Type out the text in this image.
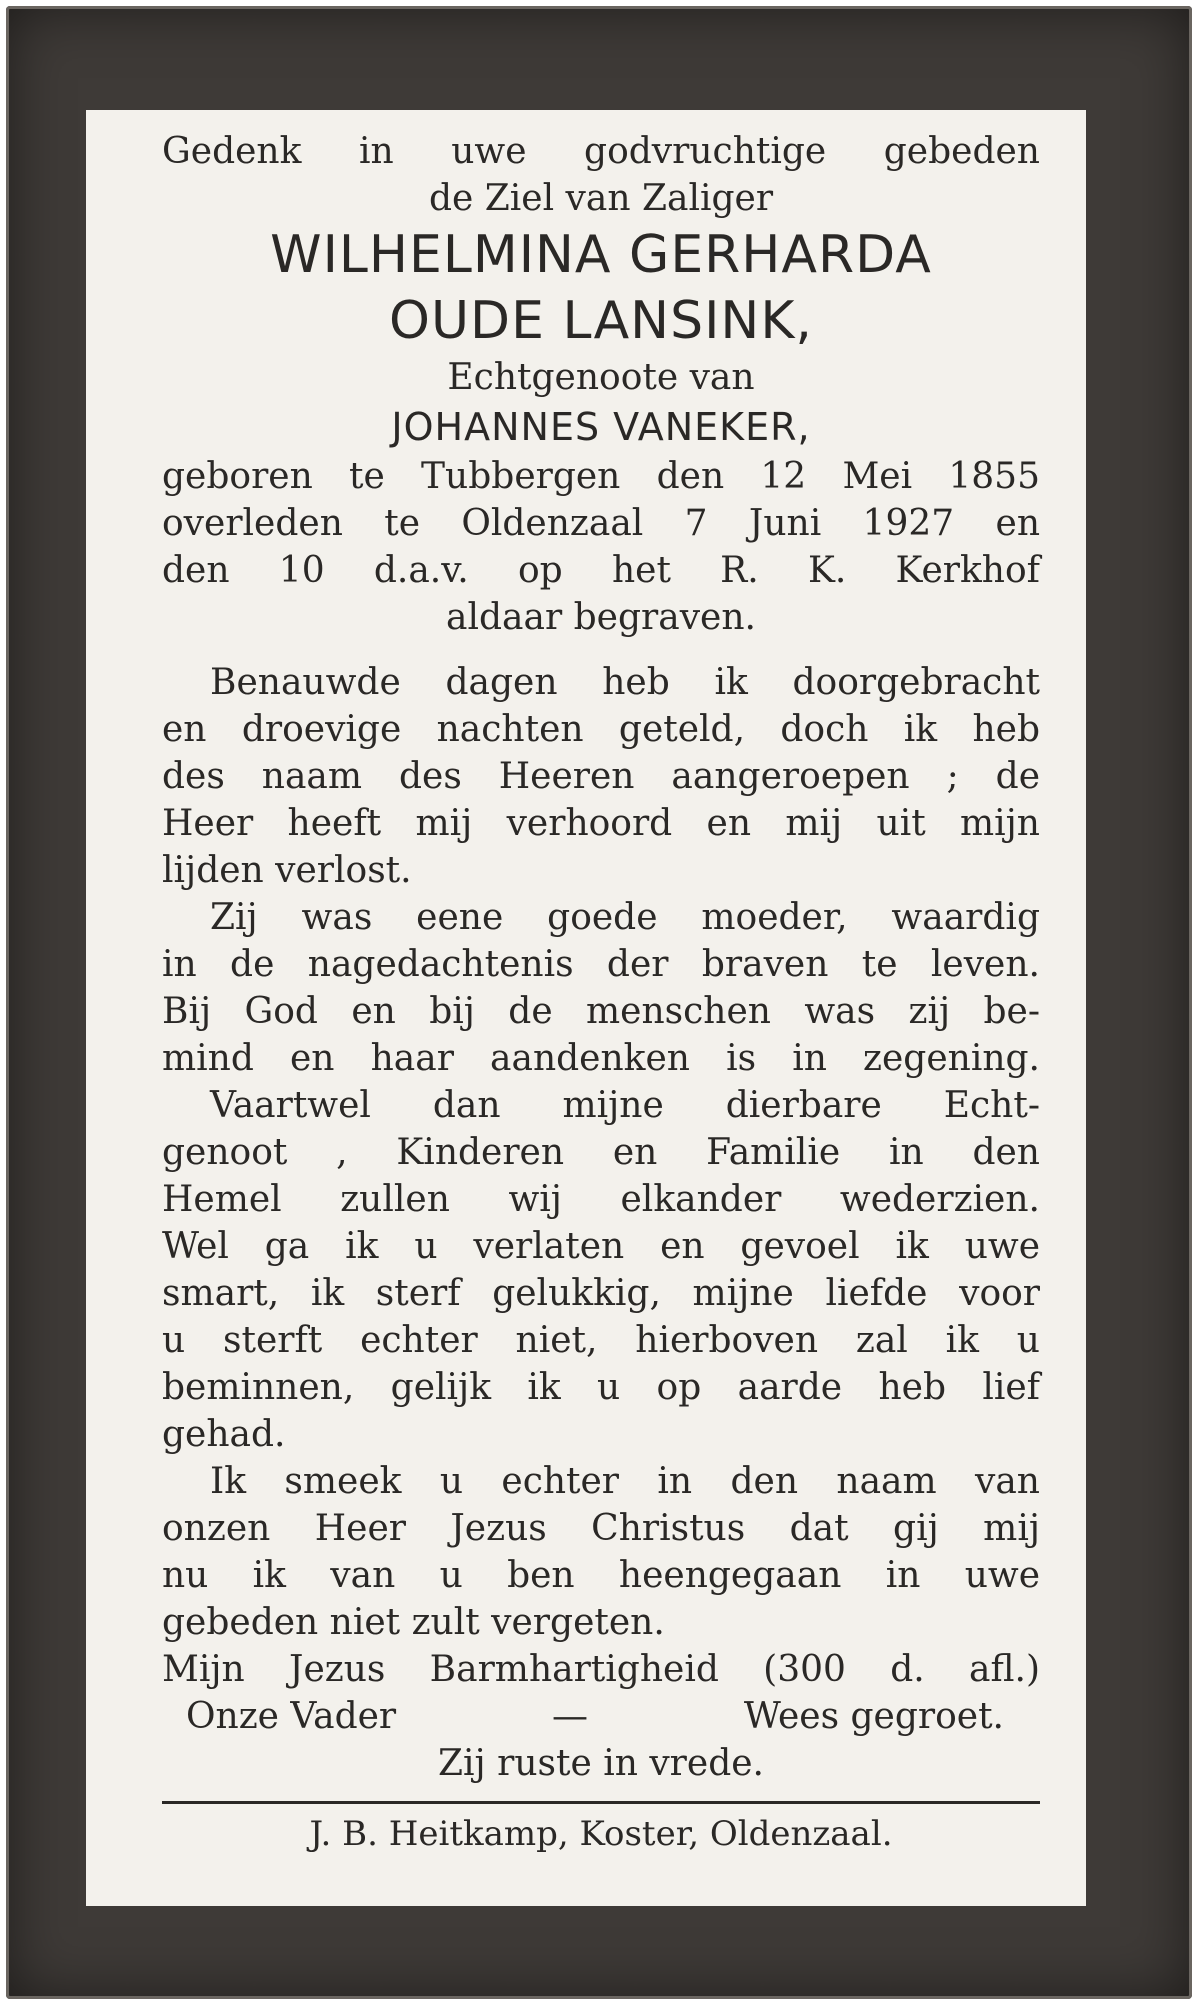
Gedenk in uwe godvruchtige gebeden
de Ziel van Zaliger
WILHELMINA GERHARDA
OUDE LANSINK,
Echtgenoote van
JOHANNES VANEKER,
geboren te Tubbergen den 12 Mei 1855
overleden te Oldenzaal 7 Juni 1927 en
den 10 d.a.v. op het R. K. Kerkhof
aldaar begraven.
Benauwde dagen heb ik doorgebracht
en droevige nachten geteld, doch ik heb
des naam des Heeren aangeroepen ; de
Heer heeft mij verhoord en mij uit mijn
lijden verlost.
Zij was eene goede moeder, waardig
in de nagedachtenis der braven te leven.
Bij God en bij de menschen was zij be-
mind en haar aandenken is in zegening.
Vaartwel dan mijne dierbare Echt-
genoot , Kinderen en Familie in den
Hemel zullen wij elkander wederzien.
Wel ga ik u verlaten en gevoel ik uwe
smart, ik sterf gelukkig, mijne liefde voor
u sterft echter niet, hierboven zal ik u
beminnen, gelijk ik u op aarde heb lief
gehad.
Ik smeek u echter in den naam van
onzen Heer Jezus Christus dat gij mij
nu ik van u ben heengegaan in uwe
gebeden niet zult vergeten.
Mijn Jezus Barmhartigheid (300 d. afl.)
Onze Vader	—	Wees gegroet.
Zij ruste in vrede.
J. B. Heitkamp, Koster, Oldenzaal.
